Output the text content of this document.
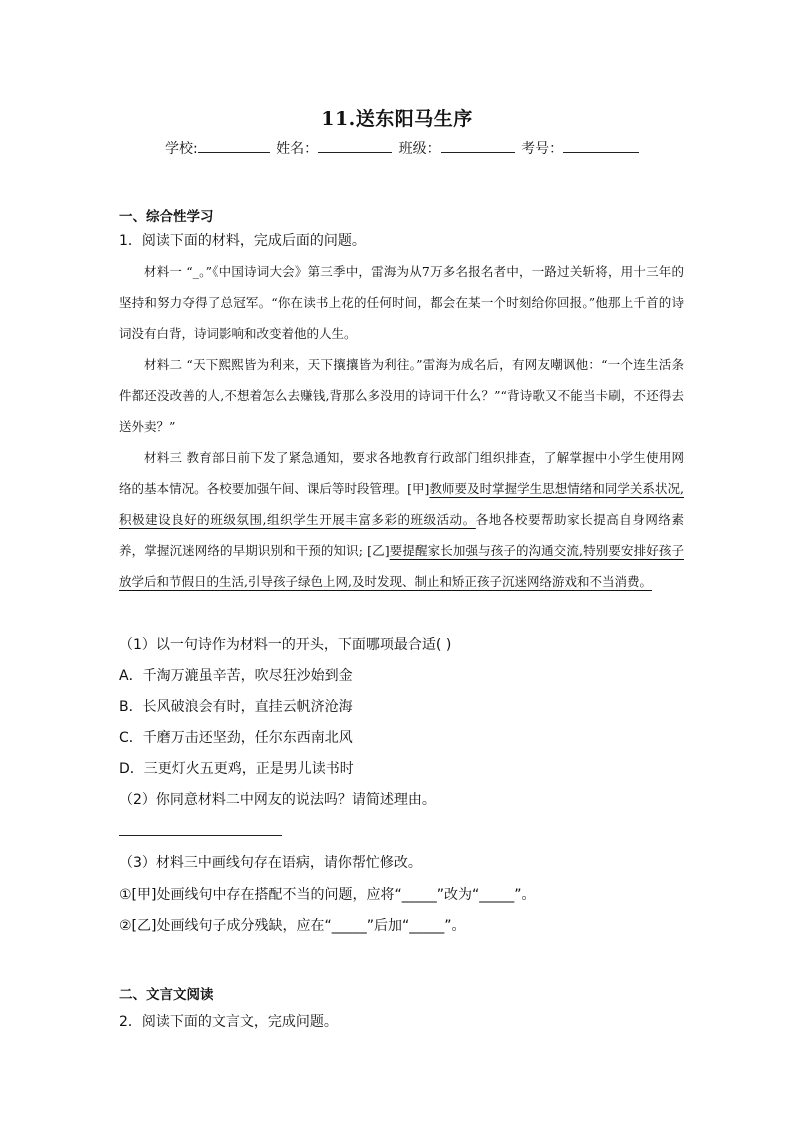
11.送东阳马生序
学校:	姓名：	班级：	考号：
一、综合性学习
1．阅读下面的材料，完成后面的问题。

材料一 “_。”《中国诗词大会》第三季中，雷海为从7万多名报名者中，一路过关斩将，用十三年的坚持和努力夺得了总冠军。“你在读书上花的任何时间，都会在某一个时刻给你回报。”他那上千首的诗词没有白背，诗词影响和改变着他的人生。

材料二 “天下熙熙皆为利来，天下攘攘皆为利往。”雷海为成名后，有网友嘲讽他：“一个连生活条件都还没改善的人,不想着怎么去赚钱,背那么多没用的诗词干什么？”“背诗歌又不能当卡刷，不还得去送外卖？”

材料三 教育部日前下发了紧急通知，要求各地教育行政部门组织排查，了解掌握中小学生使用网络的基本情况。各校要加强午间、课后等时段管理。[甲]教师要及时掌握学生思想情绪和同学关系状况,积极建设良好的班级氛围,组织学生开展丰富多彩的班级活动。各地各校要帮助家长提高自身网络素养，掌握沉迷网络的早期识别和干预的知识; [乙]要提醒家长加强与孩子的沟通交流,特别要安排好孩子放学后和节假日的生活,引导孩子绿色上网,及时发现、制止和矫正孩子沉迷网络游戏和不当消费。

（1）以一句诗作为材料一的开头，下面哪项最合适( )
A．千淘万漉虽辛苦，吹尽狂沙始到金
B．长风破浪会有时，直挂云帆济沧海
C．千磨万击还坚劲，任尔东西南北风
D．三更灯火五更鸡，正是男儿读书时
（2）你同意材料二中网友的说法吗？请简述理由。
（3）材料三中画线句存在语病，请你帮忙修改。
①[甲]处画线句中存在搭配不当的问题，应将“_____”改为“_____”。
②[乙]处画线句子成分残缺，应在“_____”后加“_____”。
二、文言文阅读
2．阅读下面的文言文，完成问题。
